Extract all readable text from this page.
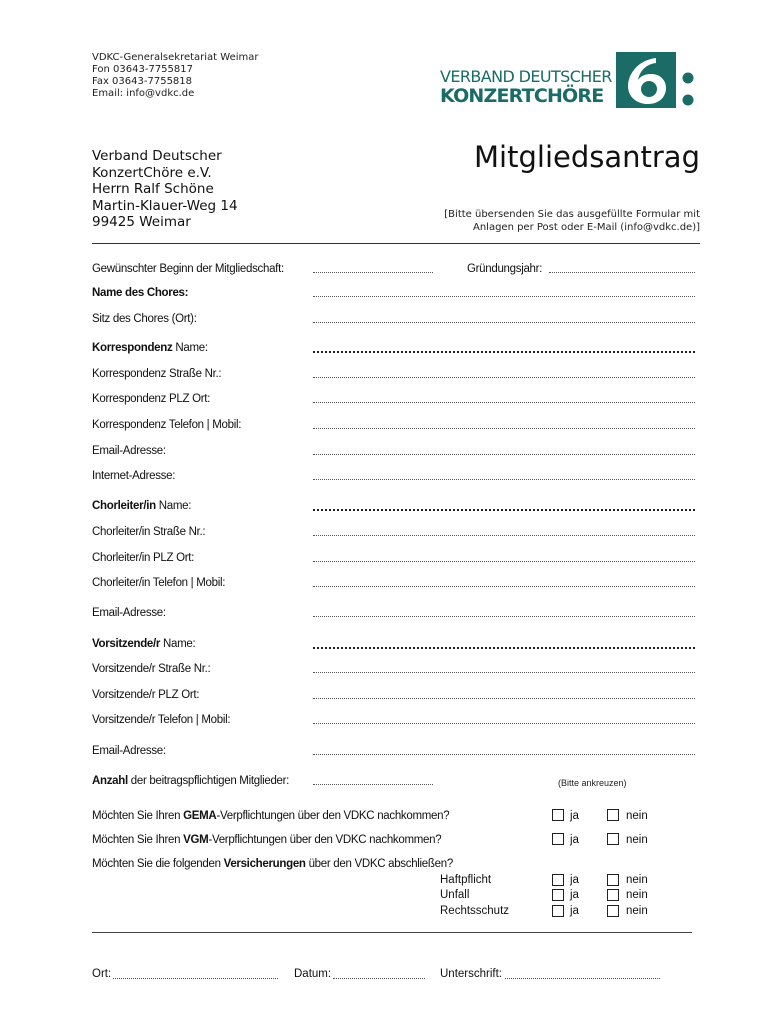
VDKC-Generalsekretariat Weimar
Fon 03643-7755817
Fax 03643-7755818
Email: info@vdkc.de
VERBAND DEUTSCHER
KONZERTCHÖRE
Verband Deutscher
KonzertChöre e.V.
Herrn Ralf Schöne
Martin-Klauer-Weg 14
99425 Weimar
Mitgliedsantrag
[Bitte übersenden Sie das ausgefüllte Formular mit
Anlagen per Post oder E-Mail (info@vdkc.de)]
Gewünschter Beginn der Mitgliedschaft:	Gründungsjahr:
Name des Chores:
Sitz des Chores (Ort):
Korrespondenz Name:
Korrespondenz Straße Nr.:
Korrespondenz PLZ Ort:
Korrespondenz Telefon | Mobil:
Email-Adresse:
Internet-Adresse:
Chorleiter/in Name:
Chorleiter/in Straße Nr.:
Chorleiter/in PLZ Ort:
Chorleiter/in Telefon | Mobil:
Email-Adresse:
Vorsitzende/r Name:
Vorsitzende/r Straße Nr.:
Vorsitzende/r PLZ Ort:
Vorsitzende/r Telefon | Mobil:
Email-Adresse:
Anzahl der beitragspflichtigen Mitglieder:	(Bitte ankreuzen)
Möchten Sie Ihren GEMA-Verpflichtungen über den VDKC nachkommen?	ja	nein
Möchten Sie Ihren VGM-Verpflichtungen über den VDKC nachkommen?	ja	nein
Möchten Sie die folgenden Versicherungen über den VDKC abschließen?
Haftpflicht	ja	nein
Unfall	ja	nein
Rechtsschutz	ja	nein
Ort:	Datum:	Unterschrift:
